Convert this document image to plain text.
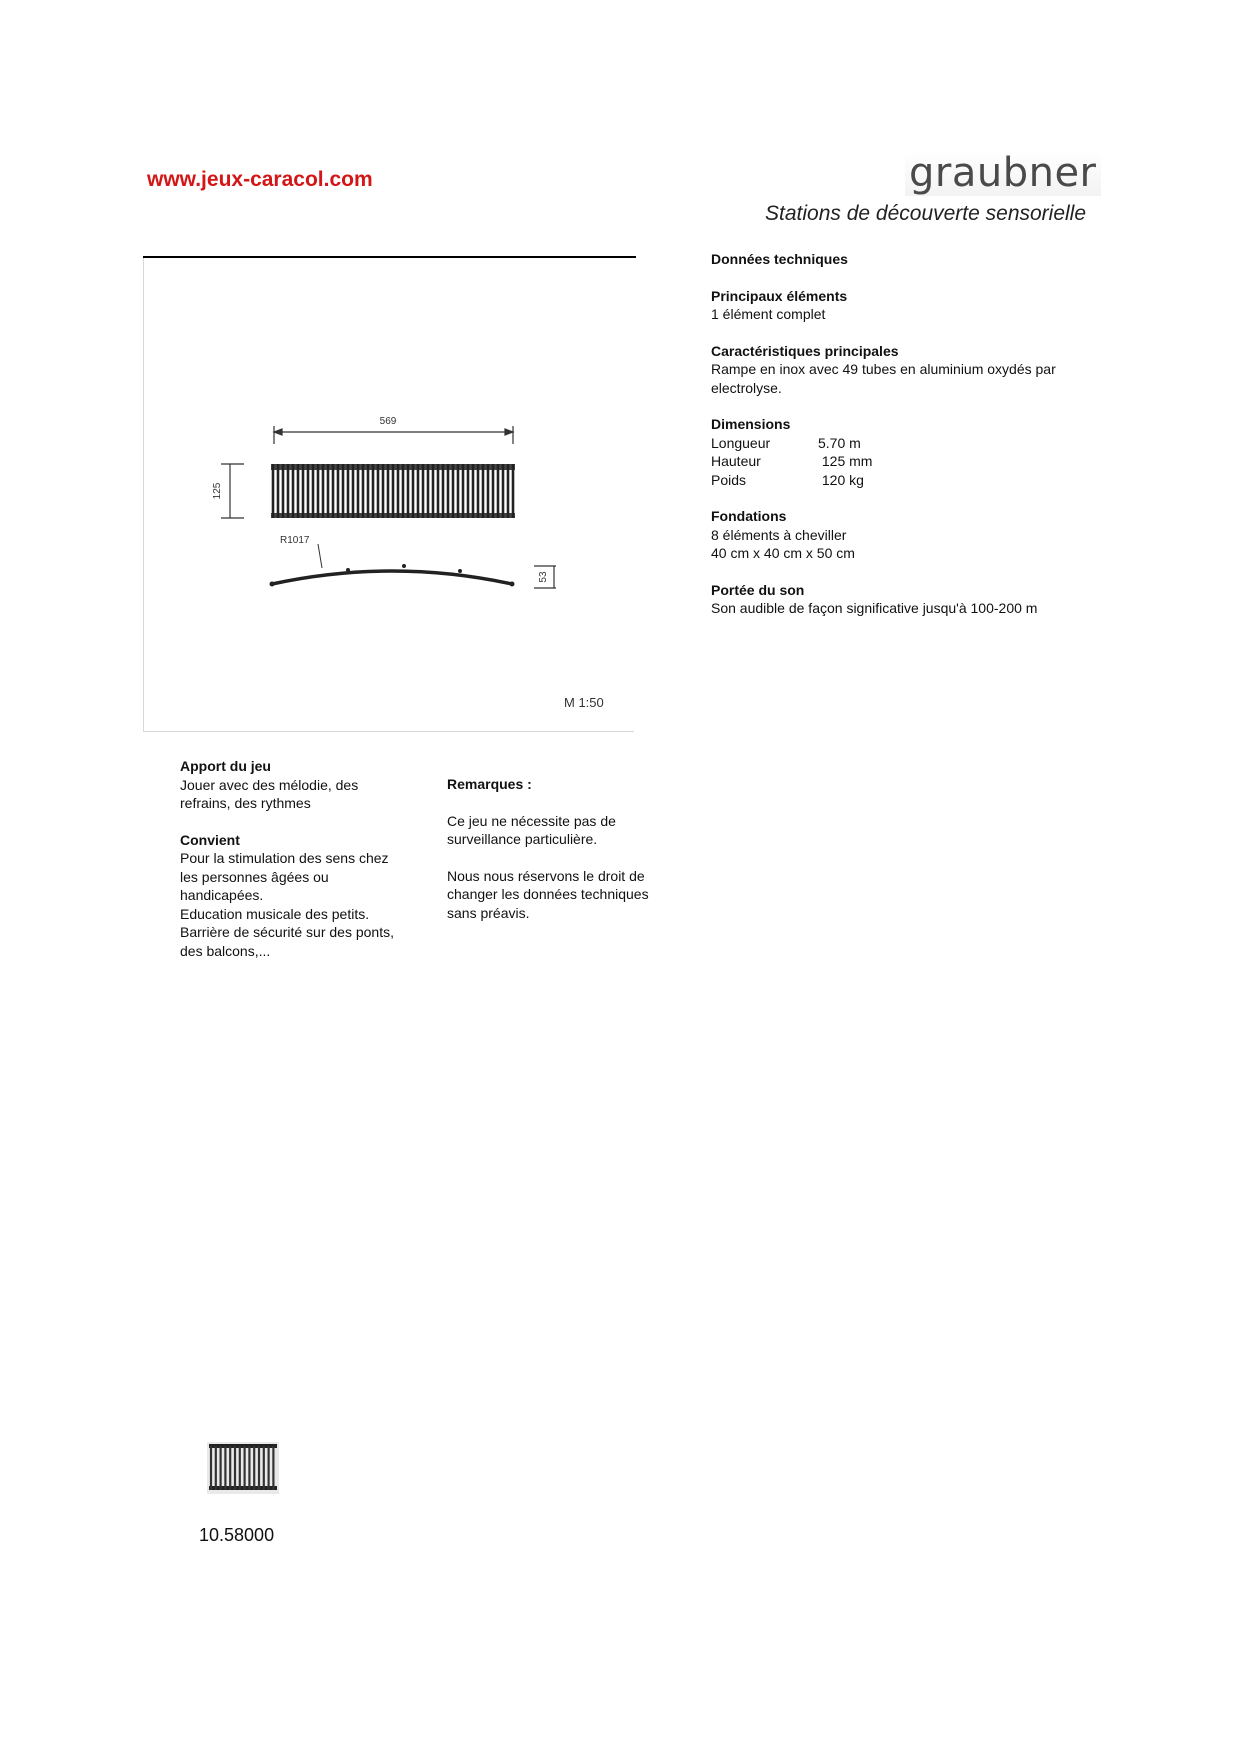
www.jeux-caracol.com	graubner
Stations de découverte sensorielle
569
125
R1017
53
M 1:50

Données techniques

Principaux éléments

1 élément complet

Caractéristiques principales

Rampe en inox avec 49 tubes en aluminium oxydés par

electrolyse.

Dimensions

Longueur	5.70 m
Hauteur	125 mm
Poids	120 kg

Fondations

8 éléments à cheviller

40 cm x 40 cm x 50 cm

Portée du son

Son audible de façon significative jusqu'à 100-200 m

Apport du jeu

Jouer avec des mélodie, des

refrains, des rythmes

Convient

Pour la stimulation des sens chez

les personnes âgées ou

handicapées.

Education musicale des petits.

Barrière de sécurité sur des ponts,

des balcons,...

Remarques :

Ce jeu ne nécessite pas de

surveillance particulière.

Nous nous réservons le droit de

changer les données techniques

sans préavis.

10.58000
